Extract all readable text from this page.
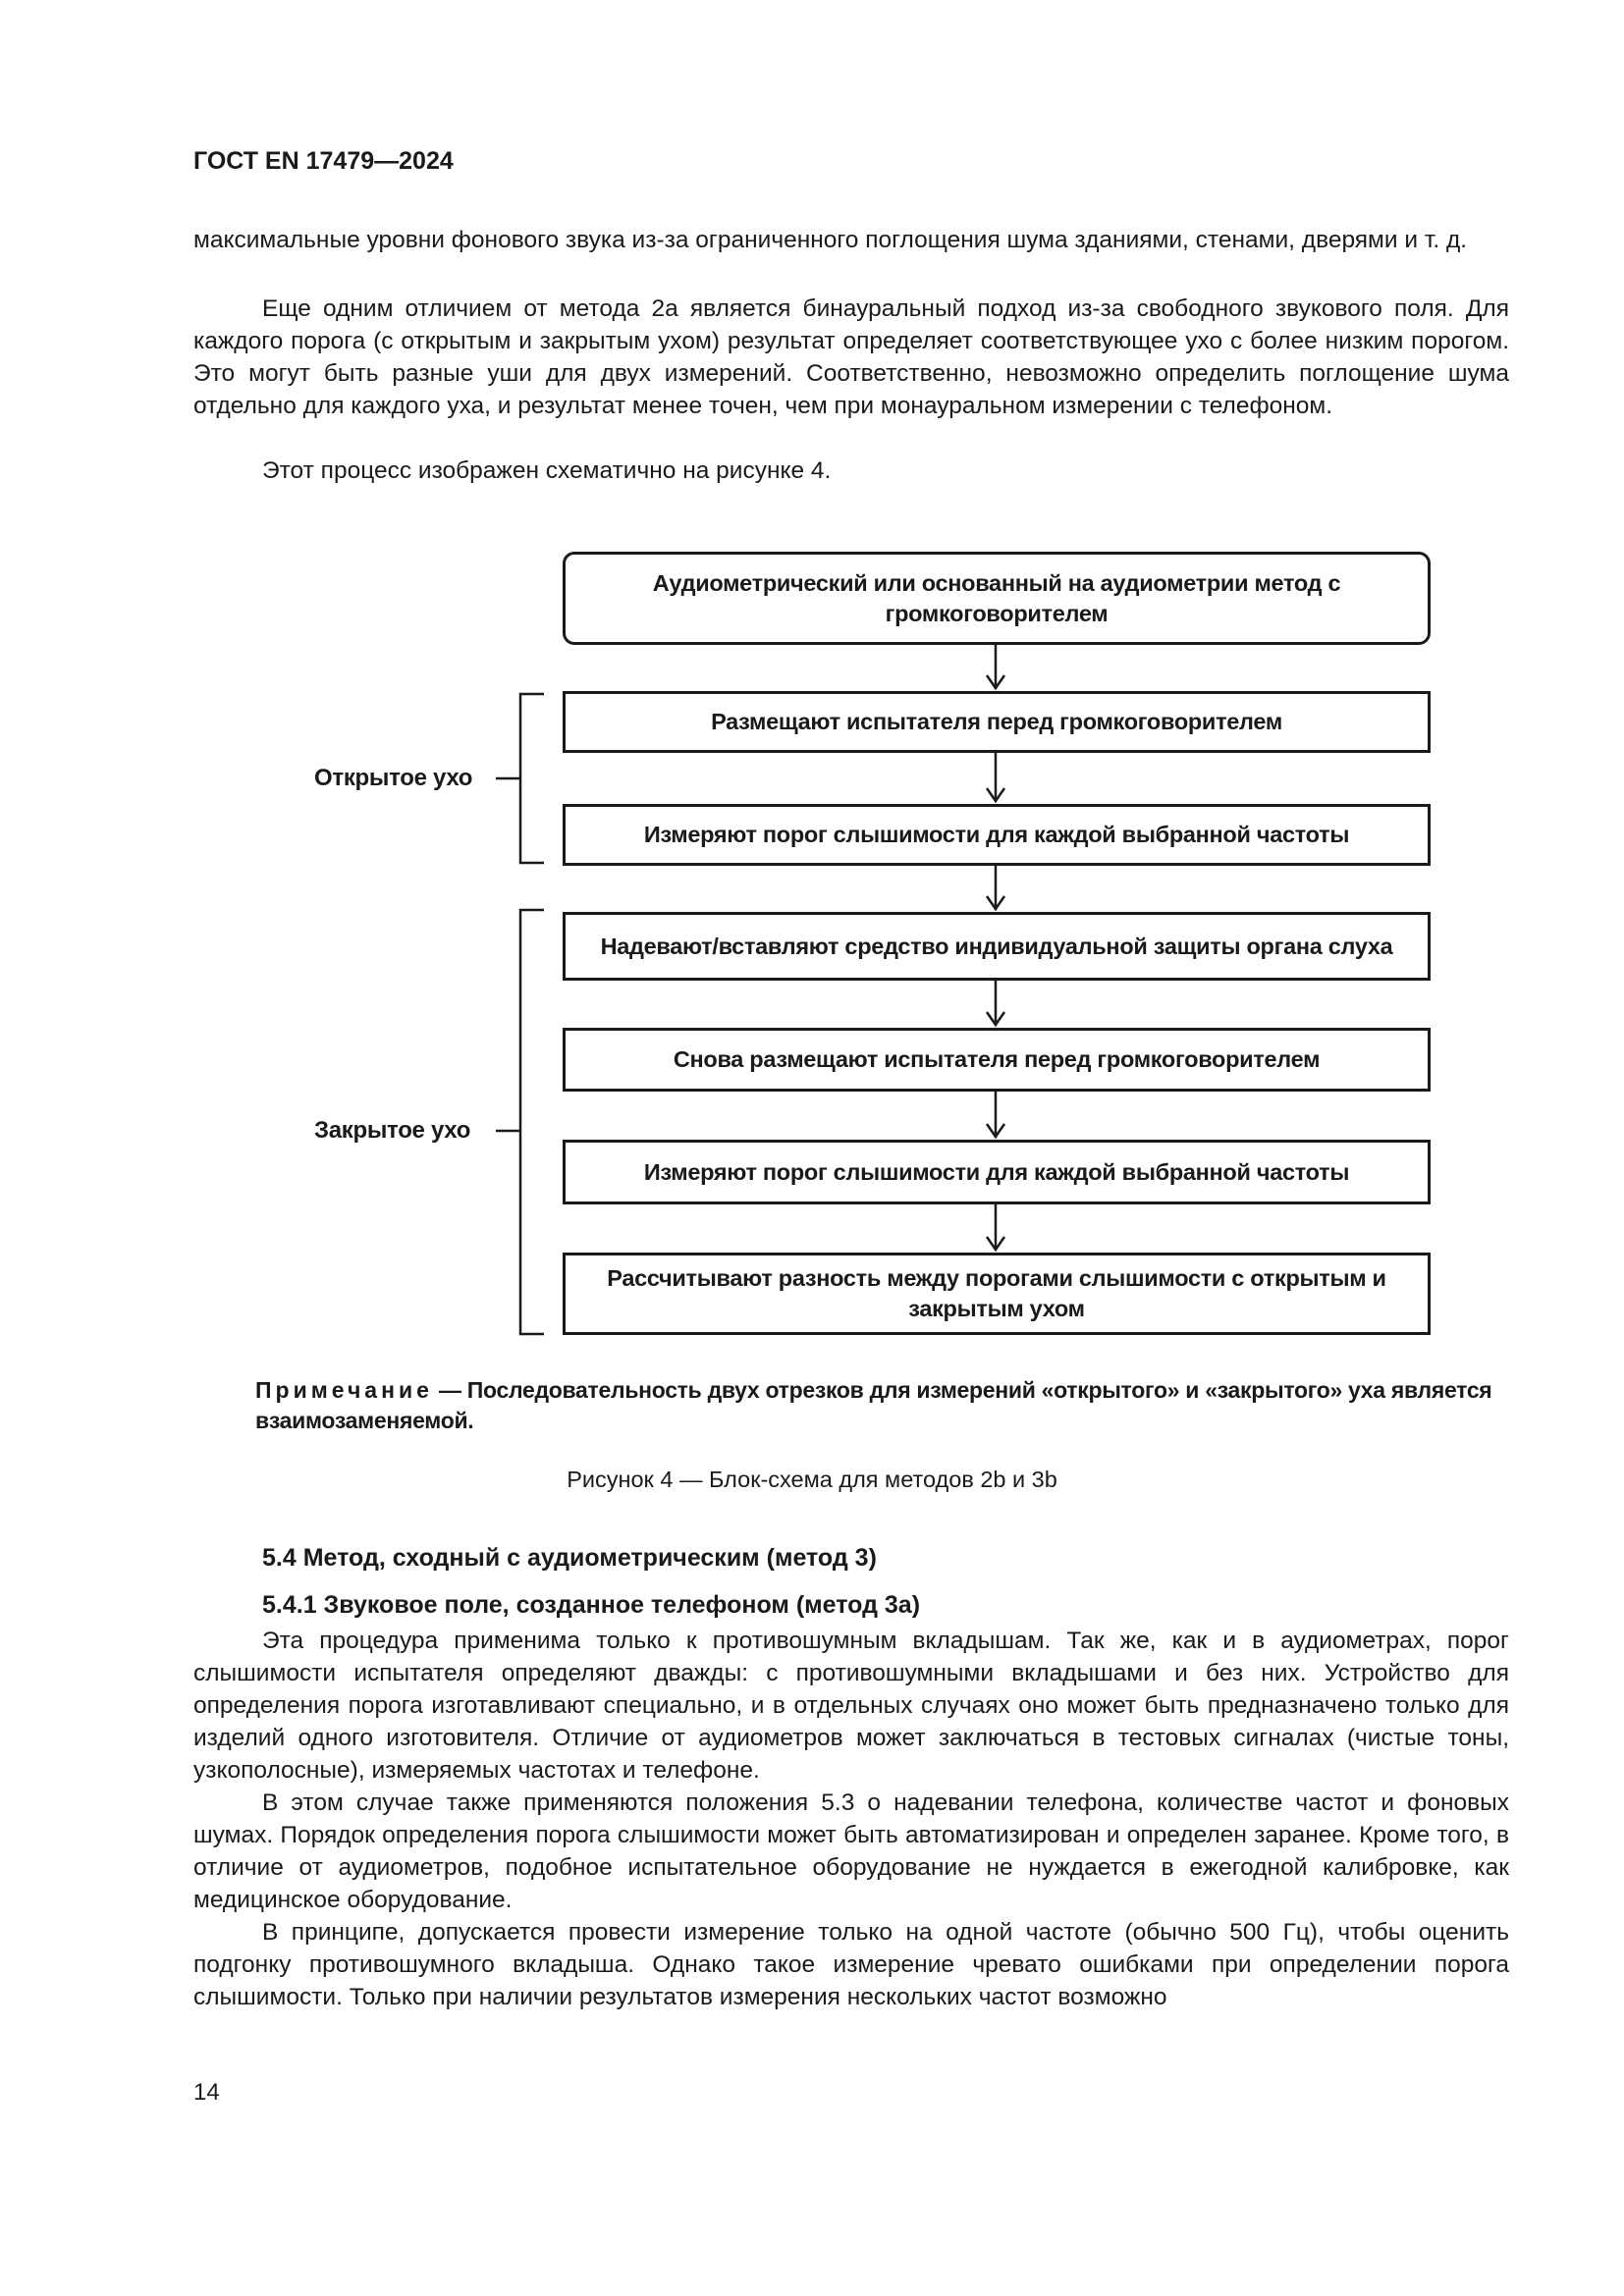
ГОСТ EN 17479—2024

максимальные уровни фонового звука из-за ограниченного поглощения шума зданиями, стенами, дверями и т. д.

Еще одним отличием от метода 2а является бинауральный подход из-за свободного звукового поля. Для каждого порога (с открытым и закрытым ухом) результат определяет соответствующее ухо с более низким порогом. Это могут быть разные уши для двух измерений. Соответственно, невозможно определить поглощение шума отдельно для каждого уха, и результат менее точен, чем при монауральном измерении с телефоном.

Этот процесс изображен схематично на рисунке 4.

Аудиометрический или основанный на аудиометрии метод с громкоговорителем
Размещают испытателя перед громкоговорителем
Измеряют порог слышимости для каждой выбранной частоты
Надевают/вставляют средство индивидуальной защиты органа слуха
Снова размещают испытателя перед громкоговорителем
Измеряют порог слышимости для каждой выбранной частоты
Рассчитывают разность между порогами слышимости с открытым и закрытым ухом
Открытое ухо
Закрытое ухо
Примечание — Последовательность двух отрезков для измерений «открытого» и «закрытого» уха является взаимозаменяемой.
Рисунок 4 — Блок-схема для методов 2b и 3b
5.4 Метод, сходный с аудиометрическим (метод 3)
5.4.1 Звуковое поле, созданное телефоном (метод 3а)

Эта процедура применима только к противошумным вкладышам. Так же, как и в аудиометрах, порог слышимости испытателя определяют дважды: с противошумными вкладышами и без них. Устройство для определения порога изготавливают специально, и в отдельных случаях оно может быть предназначено только для изделий одного изготовителя. Отличие от аудиометров может заключаться в тестовых сигналах (чистые тоны, узкополосные), измеряемых частотах и телефоне.

В этом случае также применяются положения 5.3 о надевании телефона, количестве частот и фоновых шумах. Порядок определения порога слышимости может быть автоматизирован и определен заранее. Кроме того, в отличие от аудиометров, подобное испытательное оборудование не нуждается в ежегодной калибровке, как медицинское оборудование.

В принципе, допускается провести измерение только на одной частоте (обычно 500 Гц), чтобы оценить подгонку противошумного вкладыша. Однако такое измерение чревато ошибками при определении порога слышимости. Только при наличии результатов измерения нескольких частот возможно

14
